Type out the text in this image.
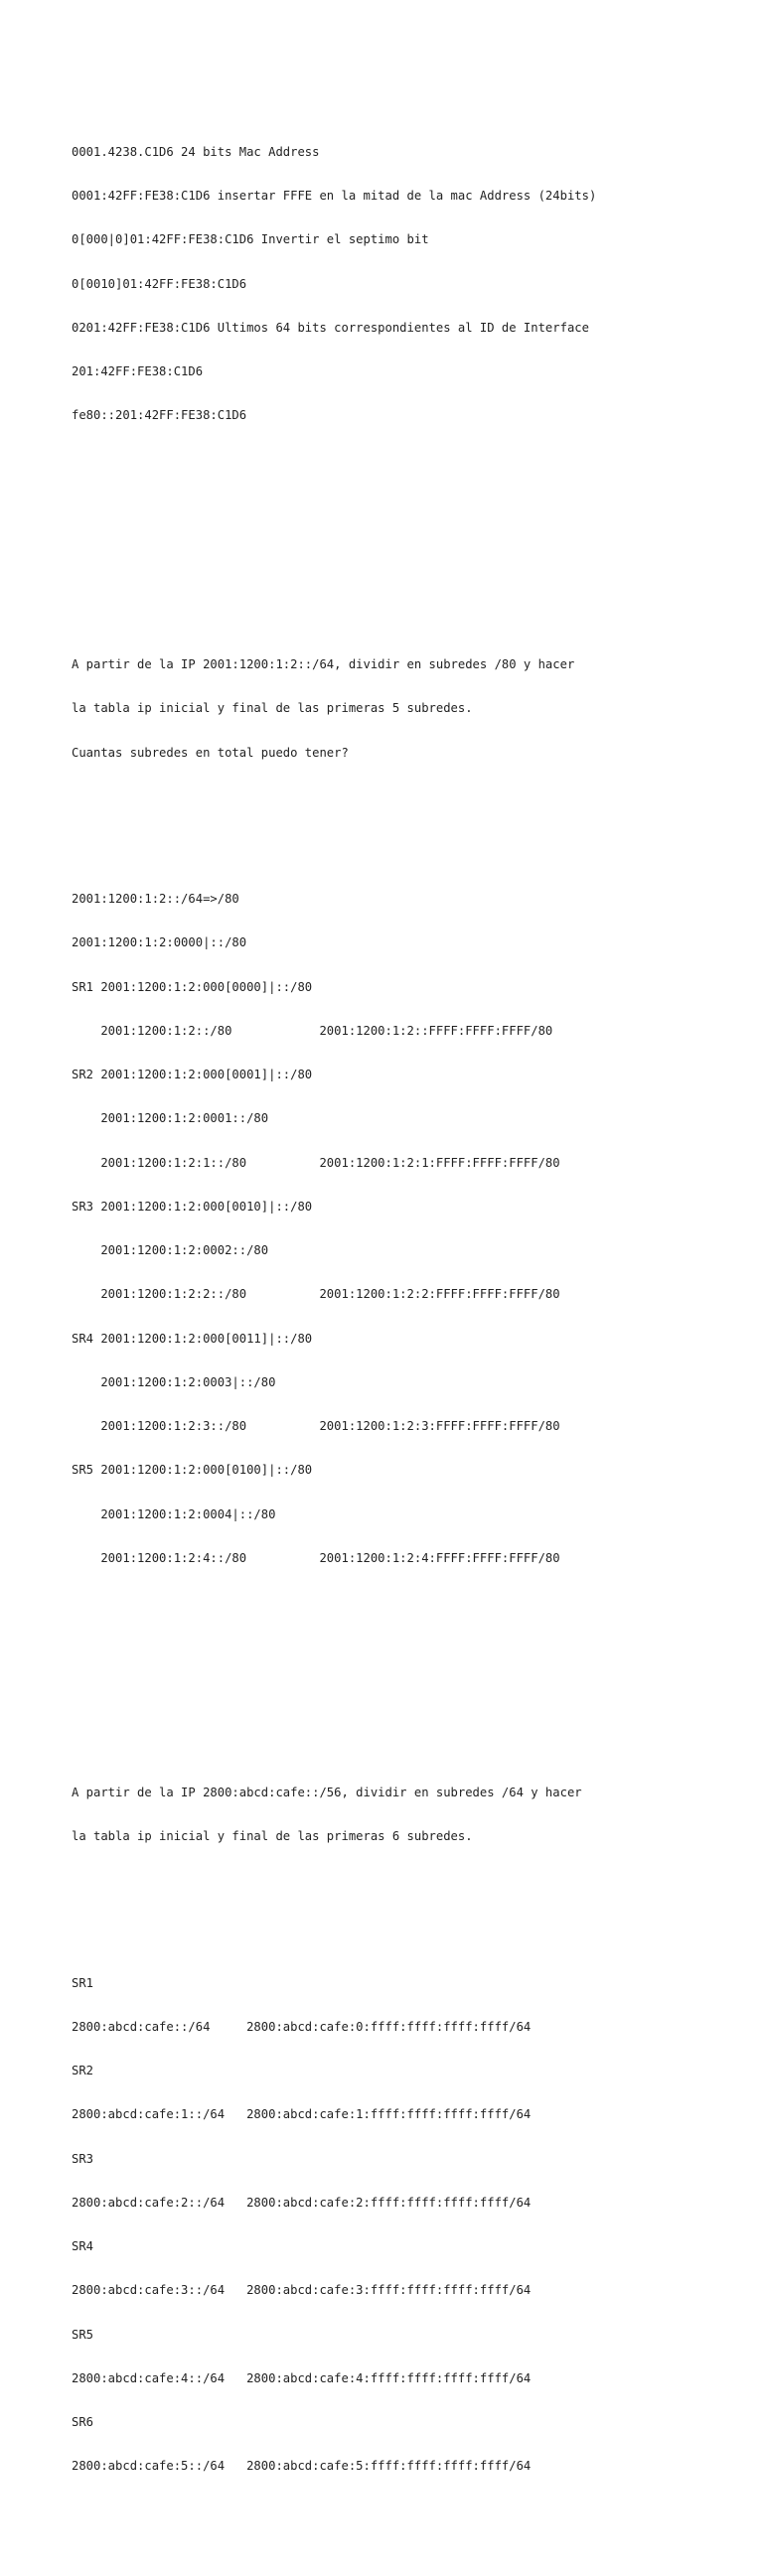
0001.4238.C1D6 24 bits Mac Address

0001:42FF:FE38:C1D6 insertar FFFE en la mitad de la mac Address (24bits)

0[000|0]01:42FF:FE38:C1D6 Invertir el septimo bit

0[0010]01:42FF:FE38:C1D6

0201:42FF:FE38:C1D6 Ultimos 64 bits correspondientes al ID de Interface

201:42FF:FE38:C1D6

fe80::201:42FF:FE38:C1D6

A partir de la IP 2001:1200:1:2::/64, dividir en subredes /80 y hacer

la tabla ip inicial y final de las primeras 5 subredes.

Cuantas subredes en total puedo tener?

2001:1200:1:2::/64=>/80

2001:1200:1:2:0000|::/80

SR1 2001:1200:1:2:000[0000]|::/80

2001:1200:1:2::/80            2001:1200:1:2::FFFF:FFFF:FFFF/80

SR2 2001:1200:1:2:000[0001]|::/80

2001:1200:1:2:0001::/80

2001:1200:1:2:1::/80          2001:1200:1:2:1:FFFF:FFFF:FFFF/80

SR3 2001:1200:1:2:000[0010]|::/80

2001:1200:1:2:0002::/80

2001:1200:1:2:2::/80          2001:1200:1:2:2:FFFF:FFFF:FFFF/80

SR4 2001:1200:1:2:000[0011]|::/80

2001:1200:1:2:0003|::/80

2001:1200:1:2:3::/80          2001:1200:1:2:3:FFFF:FFFF:FFFF/80

SR5 2001:1200:1:2:000[0100]|::/80

2001:1200:1:2:0004|::/80

2001:1200:1:2:4::/80          2001:1200:1:2:4:FFFF:FFFF:FFFF/80

A partir de la IP 2800:abcd:cafe::/56, dividir en subredes /64 y hacer

la tabla ip inicial y final de las primeras 6 subredes.

SR1

2800:abcd:cafe::/64     2800:abcd:cafe:0:ffff:ffff:ffff:ffff/64

SR2

2800:abcd:cafe:1::/64   2800:abcd:cafe:1:ffff:ffff:ffff:ffff/64

SR3

2800:abcd:cafe:2::/64   2800:abcd:cafe:2:ffff:ffff:ffff:ffff/64

SR4

2800:abcd:cafe:3::/64   2800:abcd:cafe:3:ffff:ffff:ffff:ffff/64

SR5

2800:abcd:cafe:4::/64   2800:abcd:cafe:4:ffff:ffff:ffff:ffff/64

SR6

2800:abcd:cafe:5::/64   2800:abcd:cafe:5:ffff:ffff:ffff:ffff/64
